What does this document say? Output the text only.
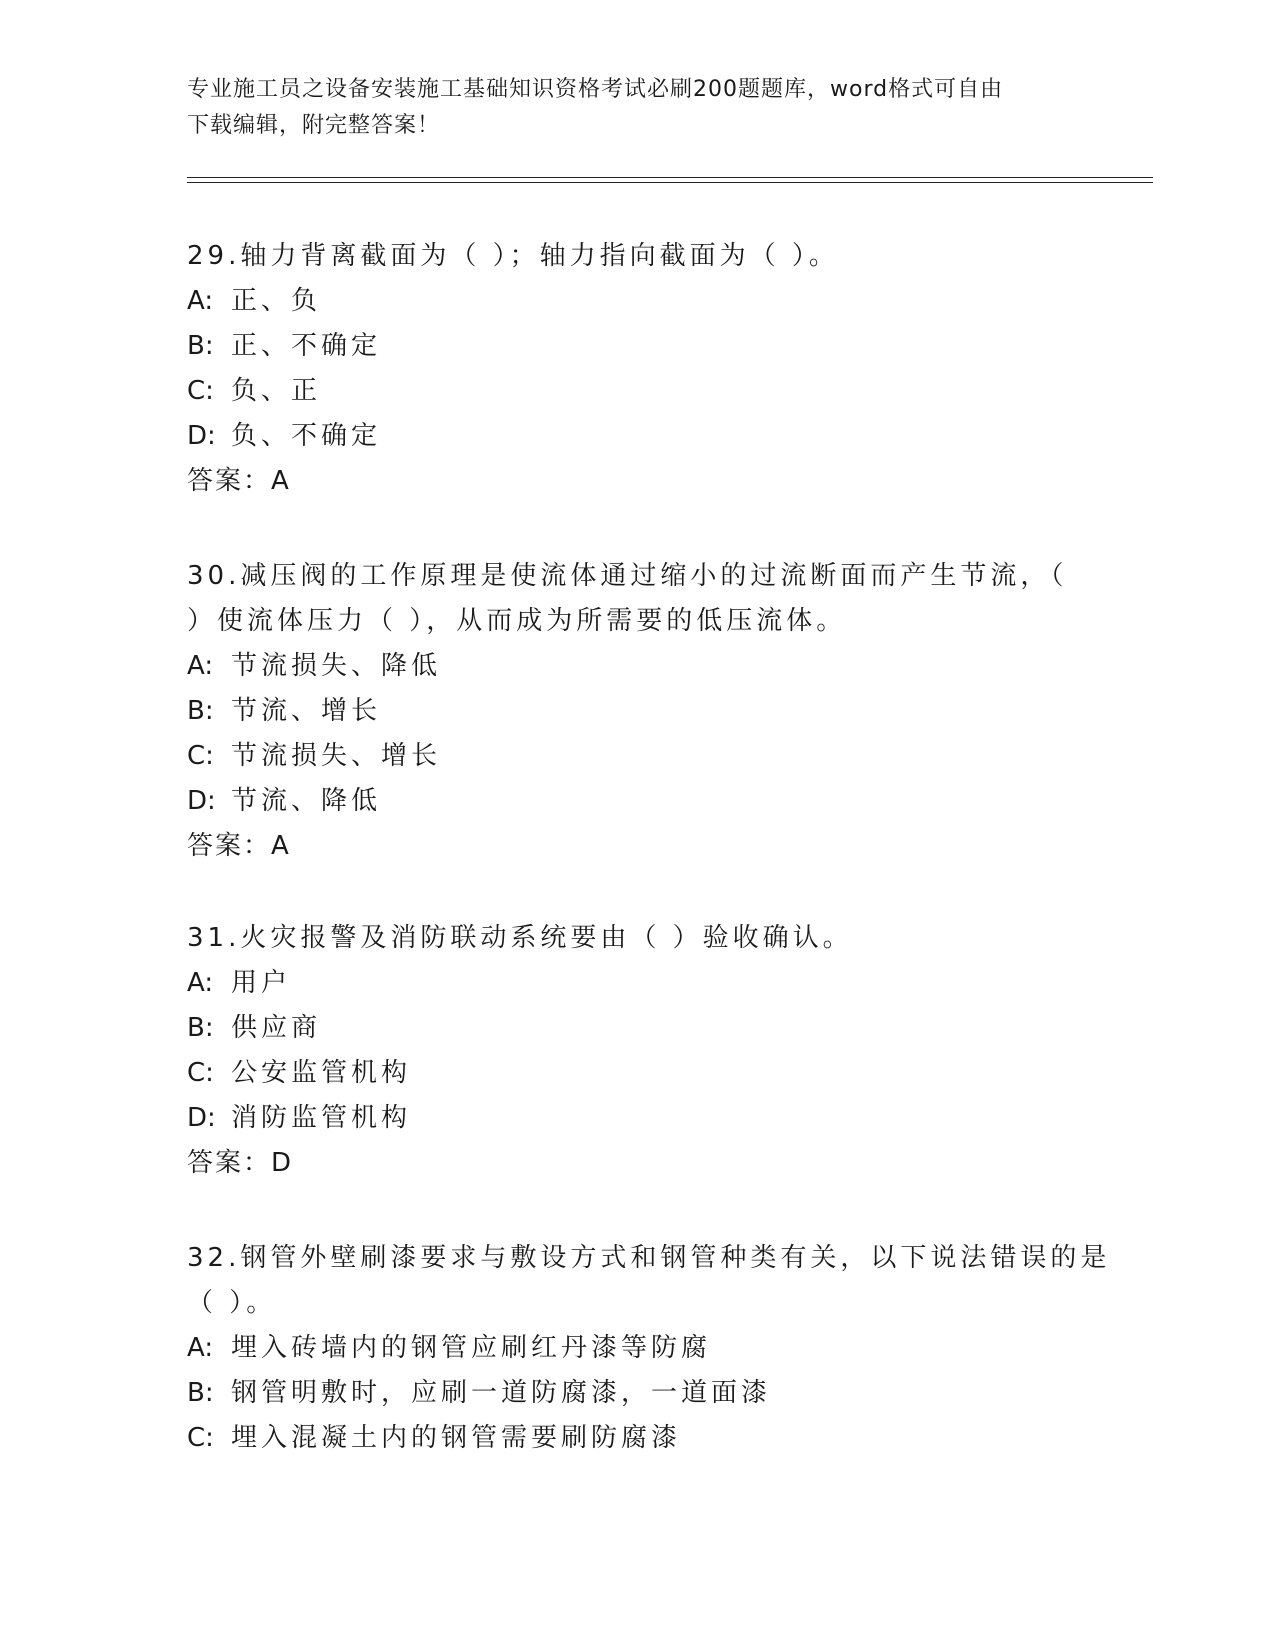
专业施工员之设备安装施工基础知识资格考试必刷200题题库，word格式可自由
下载编辑，附完整答案！
29.轴力背离截面为（ ）；轴力指向截面为（ ）。
A: 正、负
B: 正、不确定
C: 负、正
D: 负、不确定
答案：A
30.减压阀的工作原理是使流体通过缩小的过流断面而产生节流，（
）使流体压力（ ），从而成为所需要的低压流体。
A: 节流损失、降低
B: 节流、增长
C: 节流损失、增长
D: 节流、降低
答案：A
31.火灾报警及消防联动系统要由（ ）验收确认。
A: 用户
B: 供应商
C: 公安监管机构
D: 消防监管机构
答案：D
32.钢管外壁刷漆要求与敷设方式和钢管种类有关，以下说法错误的是
（ ）。
A: 埋入砖墙内的钢管应刷红丹漆等防腐
B: 钢管明敷时，应刷一道防腐漆，一道面漆
C: 埋入混凝土内的钢管需要刷防腐漆
